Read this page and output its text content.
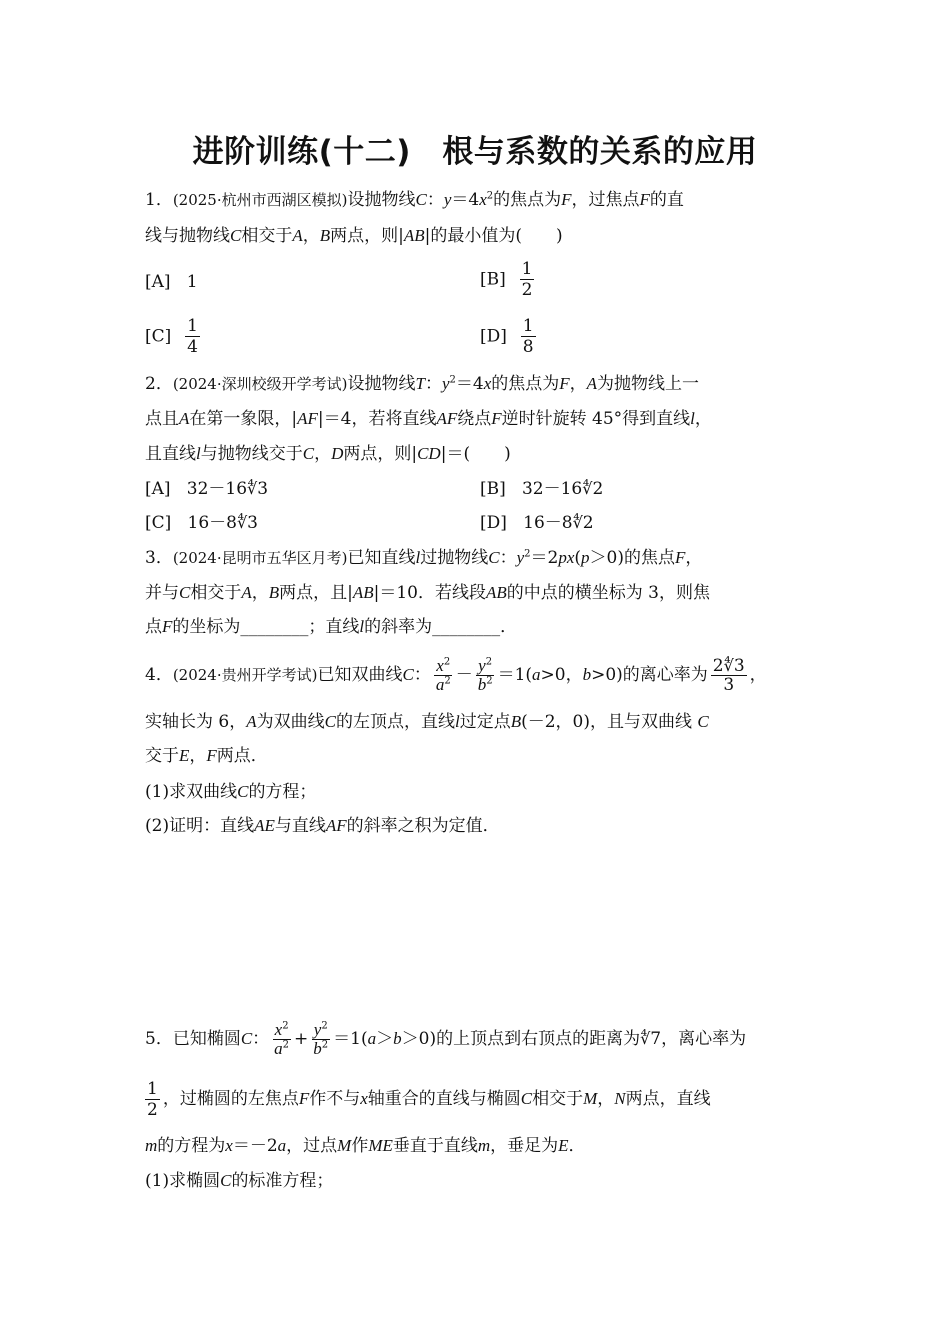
进阶训练(十二)　根与系数的关系的应用
1．(2025·杭州市西湖区模拟)设抛物线C：$y=4x^2$的焦点为F，过焦点F的直
线与抛物线C相交于A，B两点，则|AB|的最小值为(　　)
[A] 1	$[B] \frac{1}{2}$
$[C] \frac{1}{4}$	$[D] \frac{1}{8}$
2．(2024·深圳校级开学考试)设抛物线T：$y^2=4x$的焦点为F，A为抛物线上一
点且A在第一象限，|AF|＝4，若将直线AF绕点F逆时针旋转 45°得到直线l，
且直线l与抛物线交于C，D两点，则|CD|＝(　　)
[A] 32－16∜3	[B] 32－16∜2
[C] 16－8∜3	[D] 16－8∜2
3．(2024·昆明市五华区月考)已知直线l过抛物线C：$y^2=2px(p>0)$的焦点F，
并与C相交于A，B两点，且|AB|＝10．若线段AB的中点的横坐标为 3，则焦
点F的坐标为________；直线l的斜率为________．
4．(2024·贵州开学考试)已知双曲线C： $\frac{x^2}{a^2} - \frac{y^2}{b^2} =1(a>0$，b>0)的离心率为 $\frac{2∜3}{3}$ ，
实轴长为 6，A为双曲线C的左顶点，直线l过定点B(－2，0)，且与双曲线 C
交于E，F两点．
(1)求双曲线C的方程；
(2)证明：直线AE与直线AF的斜率之积为定值．
5．已知椭圆C： $\frac{x^2}{a^2} + \frac{y^2}{b^2} =1(a>b>0)$的上顶点到右顶点的距离为∜7，离心率为
$\frac{1}{2}$ ，过椭圆的左焦点F作不与x轴重合的直线与椭圆C相交于M，N两点，直线
m的方程为x＝－2a，过点M作ME垂直于直线m，垂足为E．
(1)求椭圆C的标准方程；
